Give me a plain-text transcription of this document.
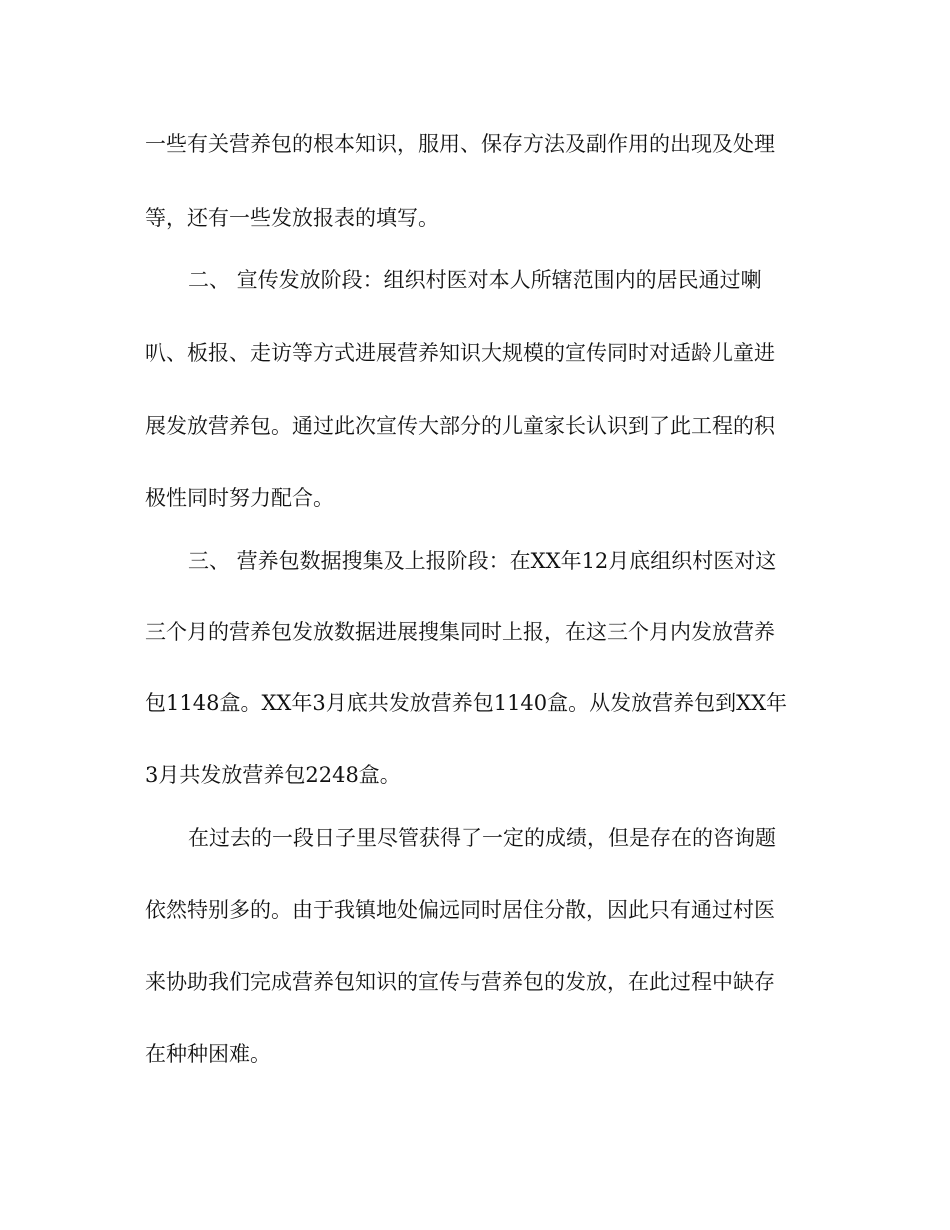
一些有关营养包的根本知识，服用、保存方法及副作用的出现及处理

等，还有一些发放报表的填写。

二、 宣传发放阶段：组织村医对本人所辖范围内的居民通过喇

叭、板报、走访等方式进展营养知识大规模的宣传同时对适龄儿童进

展发放营养包。通过此次宣传大部分的儿童家长认识到了此工程的积

极性同时努力配合。

三、 营养包数据搜集及上报阶段：在XX年12月底组织村医对这

三个月的营养包发放数据进展搜集同时上报，在这三个月内发放营养

包1148盒。XX年3月底共发放营养包1140盒。从发放营养包到XX年

3月共发放营养包2248盒。

在过去的一段日子里尽管获得了一定的成绩，但是存在的咨询题

依然特别多的。由于我镇地处偏远同时居住分散，因此只有通过村医

来协助我们完成营养包知识的宣传与营养包的发放，在此过程中缺存

在种种困难。
